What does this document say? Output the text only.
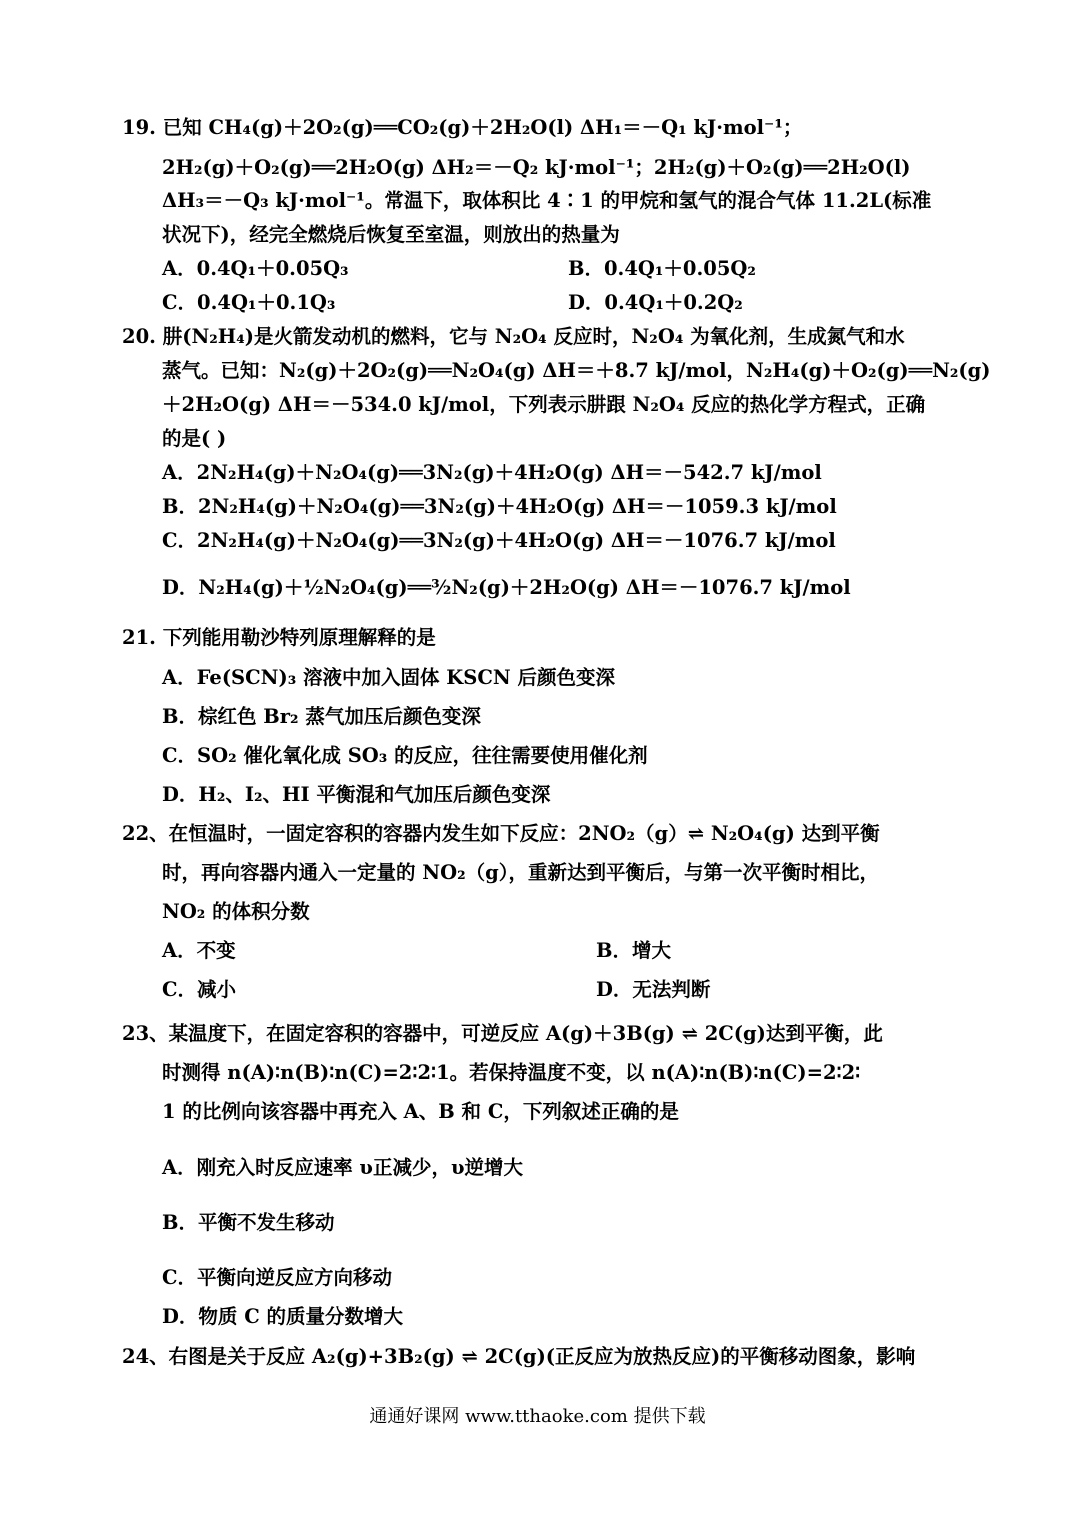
19. 已知 CH₄(g)＋2O₂(g)══CO₂(g)＋2H₂O(l) ΔH₁＝－Q₁ kJ·mol⁻¹；
2H₂(g)＋O₂(g)══2H₂O(g) ΔH₂＝－Q₂ kJ·mol⁻¹；2H₂(g)＋O₂(g)══2H₂O(l)
ΔH₃＝－Q₃ kJ·mol⁻¹。常温下，取体积比 4∶1 的甲烷和氢气的混合气体 11.2L(标准
状况下)，经完全燃烧后恢复至室温，则放出的热量为
A．0.4Q₁＋0.05Q₃	B．0.4Q₁＋0.05Q₂
C．0.4Q₁＋0.1Q₃	D．0.4Q₁＋0.2Q₂
20. 肼(N₂H₄)是火箭发动机的燃料，它与 N₂O₄ 反应时，N₂O₄ 为氧化剂，生成氮气和水
蒸气。已知：N₂(g)＋2O₂(g)══N₂O₄(g) ΔH＝＋8.7 kJ/mol，N₂H₄(g)＋O₂(g)══N₂(g)
＋2H₂O(g) ΔH＝－534.0 kJ/mol，下列表示肼跟 N₂O₄ 反应的热化学方程式，正确
的是( )
A．2N₂H₄(g)＋N₂O₄(g)══3N₂(g)＋4H₂O(g) ΔH＝－542.7 kJ/mol
B．2N₂H₄(g)＋N₂O₄(g)══3N₂(g)＋4H₂O(g) ΔH＝－1059.3 kJ/mol
C．2N₂H₄(g)＋N₂O₄(g)══3N₂(g)＋4H₂O(g) ΔH＝－1076.7 kJ/mol
D．N₂H₄(g)＋½N₂O₄(g)══³⁄₂N₂(g)＋2H₂O(g) ΔH＝－1076.7 kJ/mol
21. 下列能用勒沙特列原理解释的是
A．Fe(SCN)₃ 溶液中加入固体 KSCN 后颜色变深
B．棕红色 Br₂ 蒸气加压后颜色变深
C．SO₂ 催化氧化成 SO₃ 的反应，往往需要使用催化剂
D．H₂、I₂、HI 平衡混和气加压后颜色变深
22、在恒温时，一固定容积的容器内发生如下反应：2NO₂（g）⇌ N₂O₄(g) 达到平衡
时，再向容器内通入一定量的 NO₂（g），重新达到平衡后，与第一次平衡时相比，
NO₂ 的体积分数
A．不变	B．增大
C．减小	D．无法判断
23、某温度下，在固定容积的容器中，可逆反应 A(g)＋3B(g) ⇌ 2C(g)达到平衡，此
时测得 n(A)∶n(B)∶n(C)=2∶2∶1。若保持温度不变，以 n(A)∶n(B)∶n(C)=2∶2∶
1 的比例向该容器中再充入 A、B 和 C，下列叙述正确的是
A．刚充入时反应速率 υ正减少，υ逆增大
B．平衡不发生移动
C．平衡向逆反应方向移动
D．物质 C 的质量分数增大
24、右图是关于反应 A₂(g)+3B₂(g) ⇌ 2C(g)(正反应为放热反应)的平衡移动图象，影响
通通好课网 www.tthaoke.com 提供下载
